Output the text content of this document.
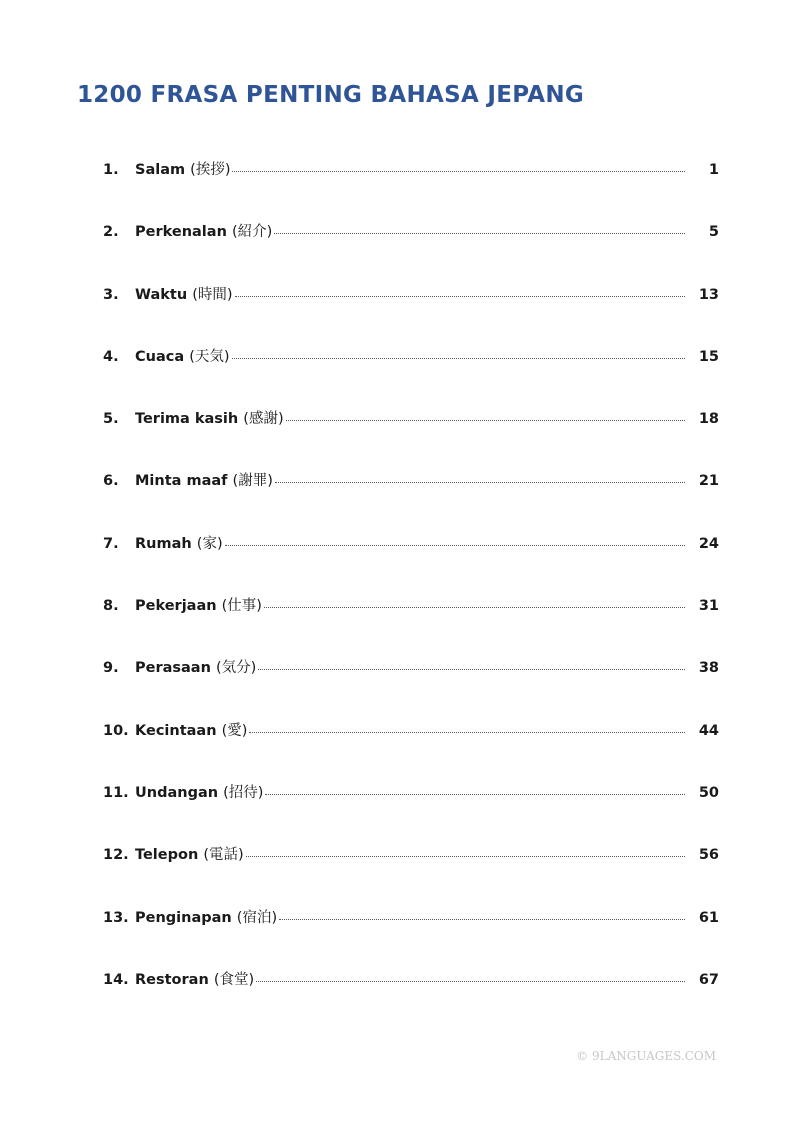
1200 FRASA PENTING BAHASA JEPANG
1.	Salam (挨拶)	1
2.	Perkenalan (紹介)	5
3.	Waktu (時間)	13
4.	Cuaca (天気)	15
5.	Terima kasih (感謝)	18
6.	Minta maaf (謝罪)	21
7.	Rumah (家)	24
8.	Pekerjaan (仕事)	31
9.	Perasaan (気分)	38
10. Kecintaan (愛)	44
11. Undangan (招待)	50
12. Telepon (電話)	56
13. Penginapan (宿泊)	61
14. Restoran (食堂)	67
© 9LANGUAGES.COM
